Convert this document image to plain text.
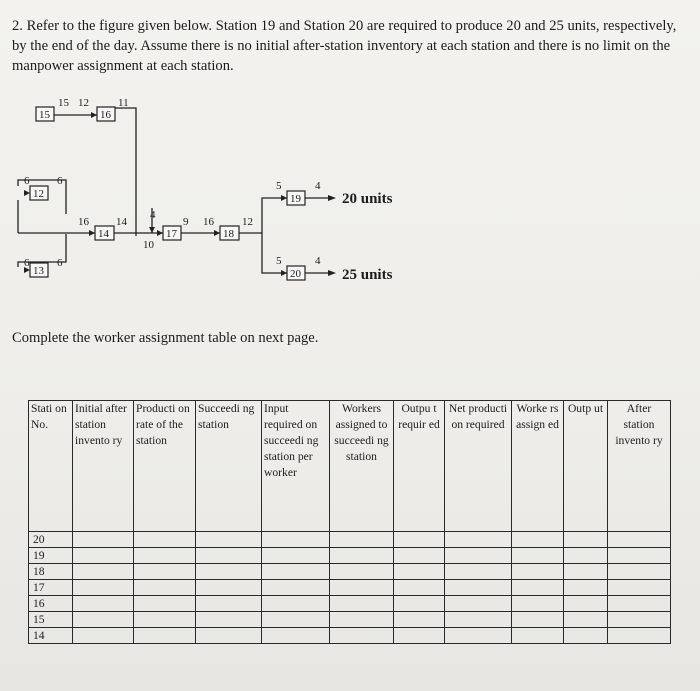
2. Refer to the figure given below. Station 19 and Station 20 are required to produce 20 and 25 units, respectively, by the end of the day. Assume there is no initial after-station inventory at each station and there is no limit on the manpower assignment at each station.
15	16
12
13
14	17	18
19
20
15 12	11
6	6
6	6
16 14
4
10
9 16	12
5	4
5	4
20 units
25 units
Complete the worker assignment table on next page.
Stati on No.	Initial after station invento ry	Producti on rate of the station	Succeedi ng station	Input required on succeedi ng station per worker	Workers assigned to succeedi ng station	Outpu t requir ed	Net producti on required	Worke rs assign ed	Outp ut	After station invento ry
20										
19										
18										
17										
16										
15										
14										
